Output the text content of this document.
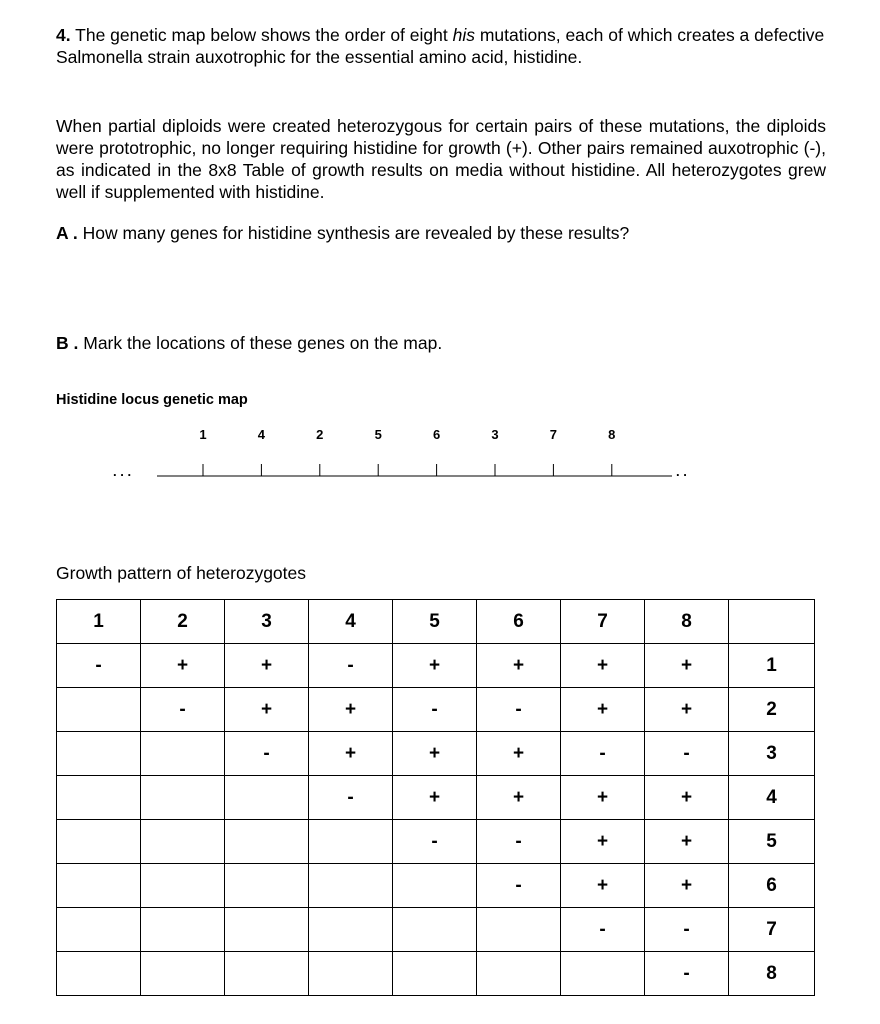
4. The genetic map below shows the order of eight his mutations, each of which creates a defective Salmonella strain auxotrophic for the essential amino acid, histidine.

When partial diploids were created heterozygous for certain pairs of these mutations, the diploids were prototrophic, no longer requiring histidine for growth (+). Other pairs remained auxotrophic (-), as indicated in the 8x8 Table of growth results on media without histidine. All heterozygotes grew well if supplemented with histidine.

A . How many genes for histidine synthesis are revealed by these results?

B . Mark the locations of these genes on the map.

Histidine locus genetic map
. . .
1	4	2	5	6	3	7	8
. .
Growth pattern of heterozygotes
1	2	3	4	5	6	7	8	
-	+	+	-	+	+	+	+	1
	-	+	+	-	-	+	+	2
		-	+	+	+	-	-	3
			-	+	+	+	+	4
				-	-	+	+	5
					-	+	+	6
						-	-	7
							-	8
